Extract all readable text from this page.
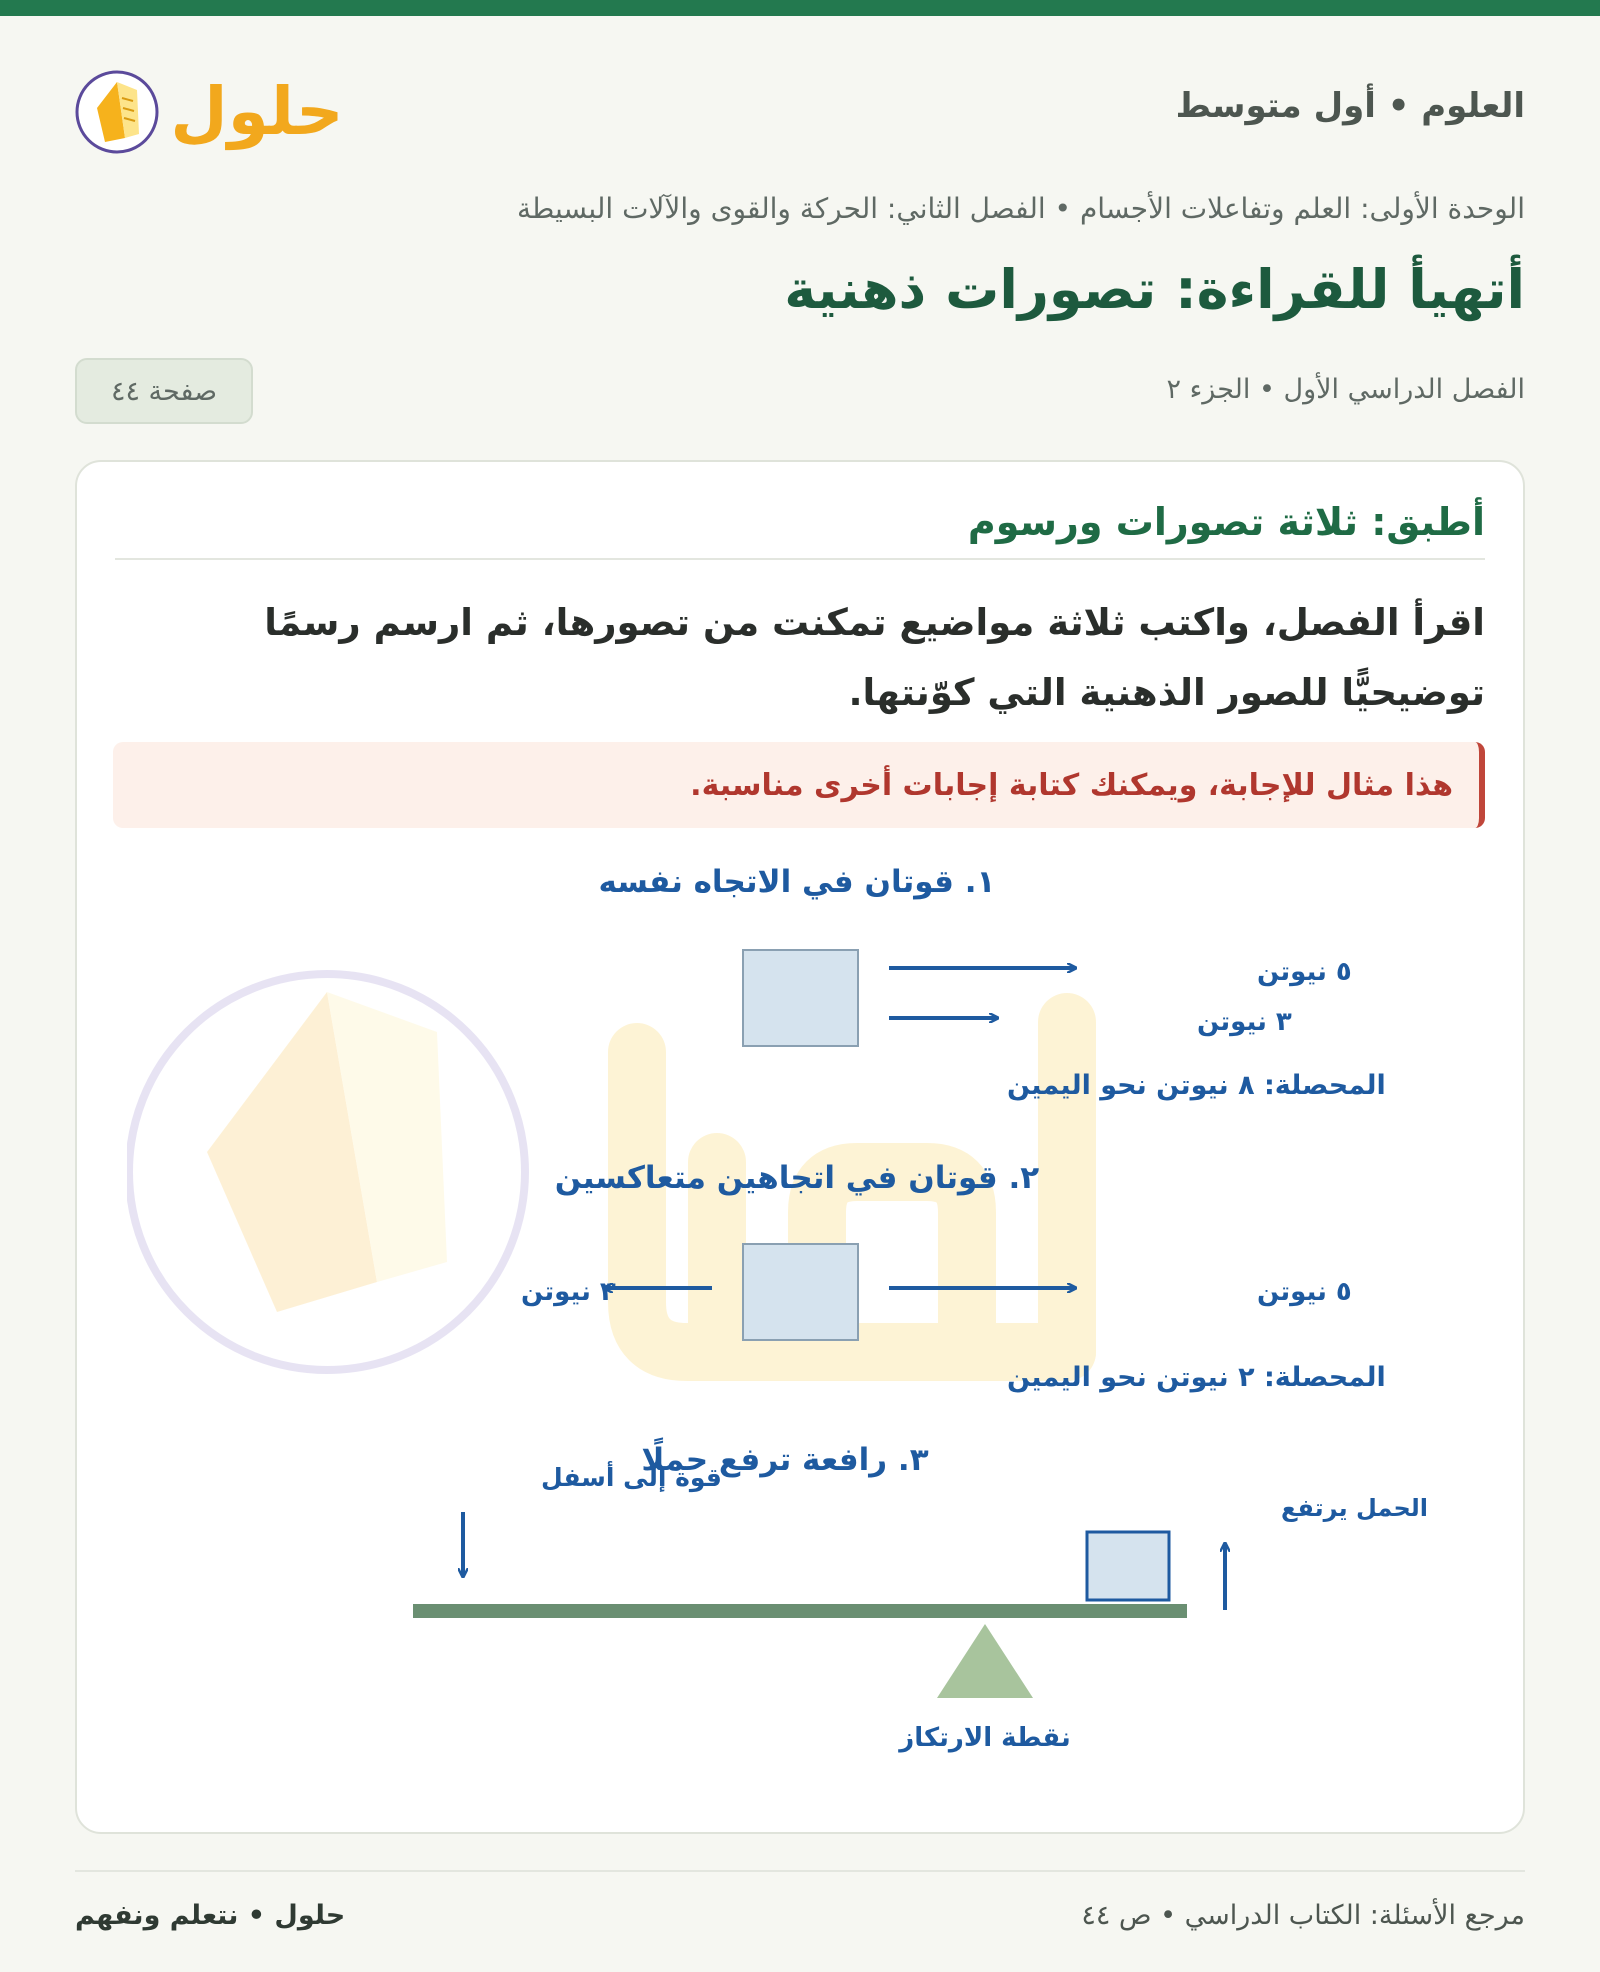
العلوم • أول متوسط
حلول
الوحدة الأولى: العلم وتفاعلات الأجسام • الفصل الثاني: الحركة والقوى والآلات البسيطة
أتهيأ للقراءة: تصورات ذهنية
الفصل الدراسي الأول • الجزء ٢
صفحة ٤٤
أطبق: ثلاثة تصورات ورسوم

اقرأ الفصل، واكتب ثلاثة مواضيع تمكنت من تصورها، ثم ارسم رسمًا توضيحيًّا للصور الذهنية التي كوّنتها.

هذا مثال للإجابة، ويمكنك كتابة إجابات أخرى مناسبة.
١. قوتان في الاتجاه نفسه
٥ نيوتن
٣ نيوتن
المحصلة: ٨ نيوتن نحو اليمين
٢. قوتان في اتجاهين متعاكسين
٣ نيوتن	٥ نيوتن
المحصلة: ٢ نيوتن نحو اليمين
٣. رافعة ترفع حملًا
قوة إلى أسفل
الحمل يرتفع
نقطة الارتكاز
مرجع الأسئلة: الكتاب الدراسي • ص ٤٤
حلول • نتعلم ونفهم
